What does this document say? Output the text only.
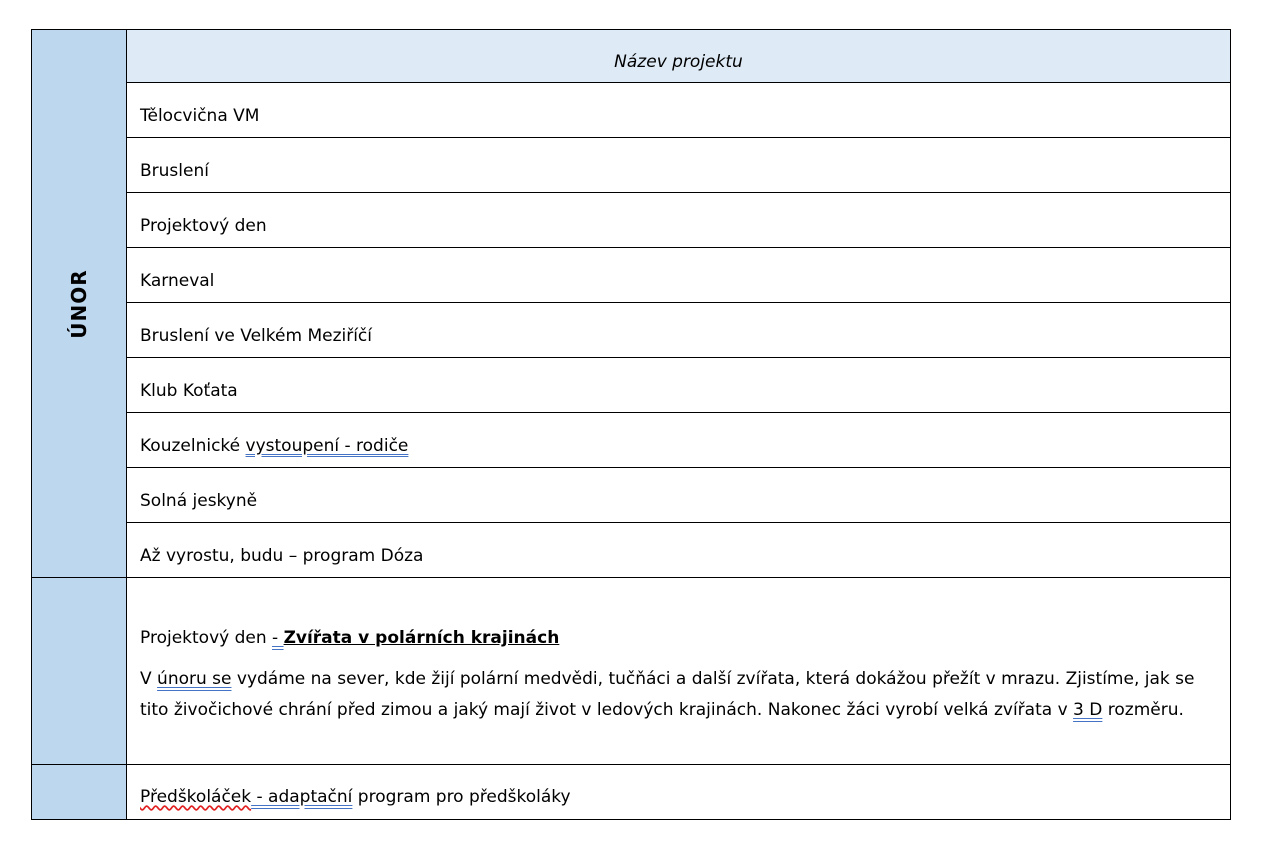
ÚNOR	Název projektu
	Tělocvična VM
	Bruslení
	Projektový den
	Karneval
	Bruslení ve Velkém Meziříčí
	Klub Koťata
	Kouzelnické vystoupení - rodiče
	Solná jeskyně
	Až vyrostu, budu – program Dóza

	Projektový den - Zvířata v polárních krajinách

V únoru se vydáme na sever, kde žijí polární medvědi, tučňáci a další zvířata, která dokážou přežít v mrazu. Zjistíme, jak se tito živočichové chrání před zimou a jaký mají život v ledových krajinách. Nakonec žáci vyrobí velká zvířata v 3 D rozměru.

	Předškoláček - adaptační program pro předškoláky
